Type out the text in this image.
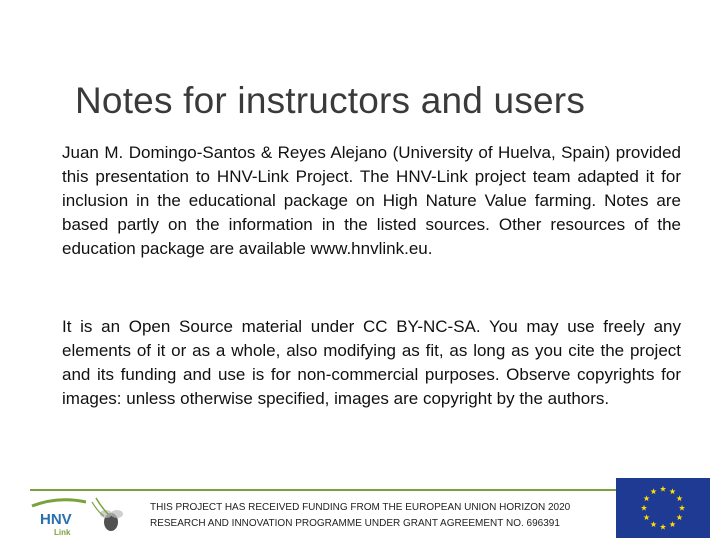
Notes for instructors and users
Juan M. Domingo-Santos & Reyes Alejano (University of Huelva, Spain) provided this presentation to HNV-Link Project. The HNV-Link project team adapted it for inclusion in the educational package on High Nature Value farming. Notes are based partly on the information in the listed sources. Other resources of the education package are available www.hnvlink.eu.
It is an Open Source material under CC BY-NC-SA. You may use freely any elements of it or as a whole, also modifying as fit, as long as you cite the project and its funding and use is for non-commercial purposes. Observe copyrights for images: unless otherwise specified, images are copyright by the authors.
HNV
Link
THIS PROJECT HAS RECEIVED FUNDING FROM THE EUROPEAN UNION HORIZON 2020
RESEARCH AND INNOVATION PROGRAMME UNDER GRANT AGREEMENT NO. 696391
